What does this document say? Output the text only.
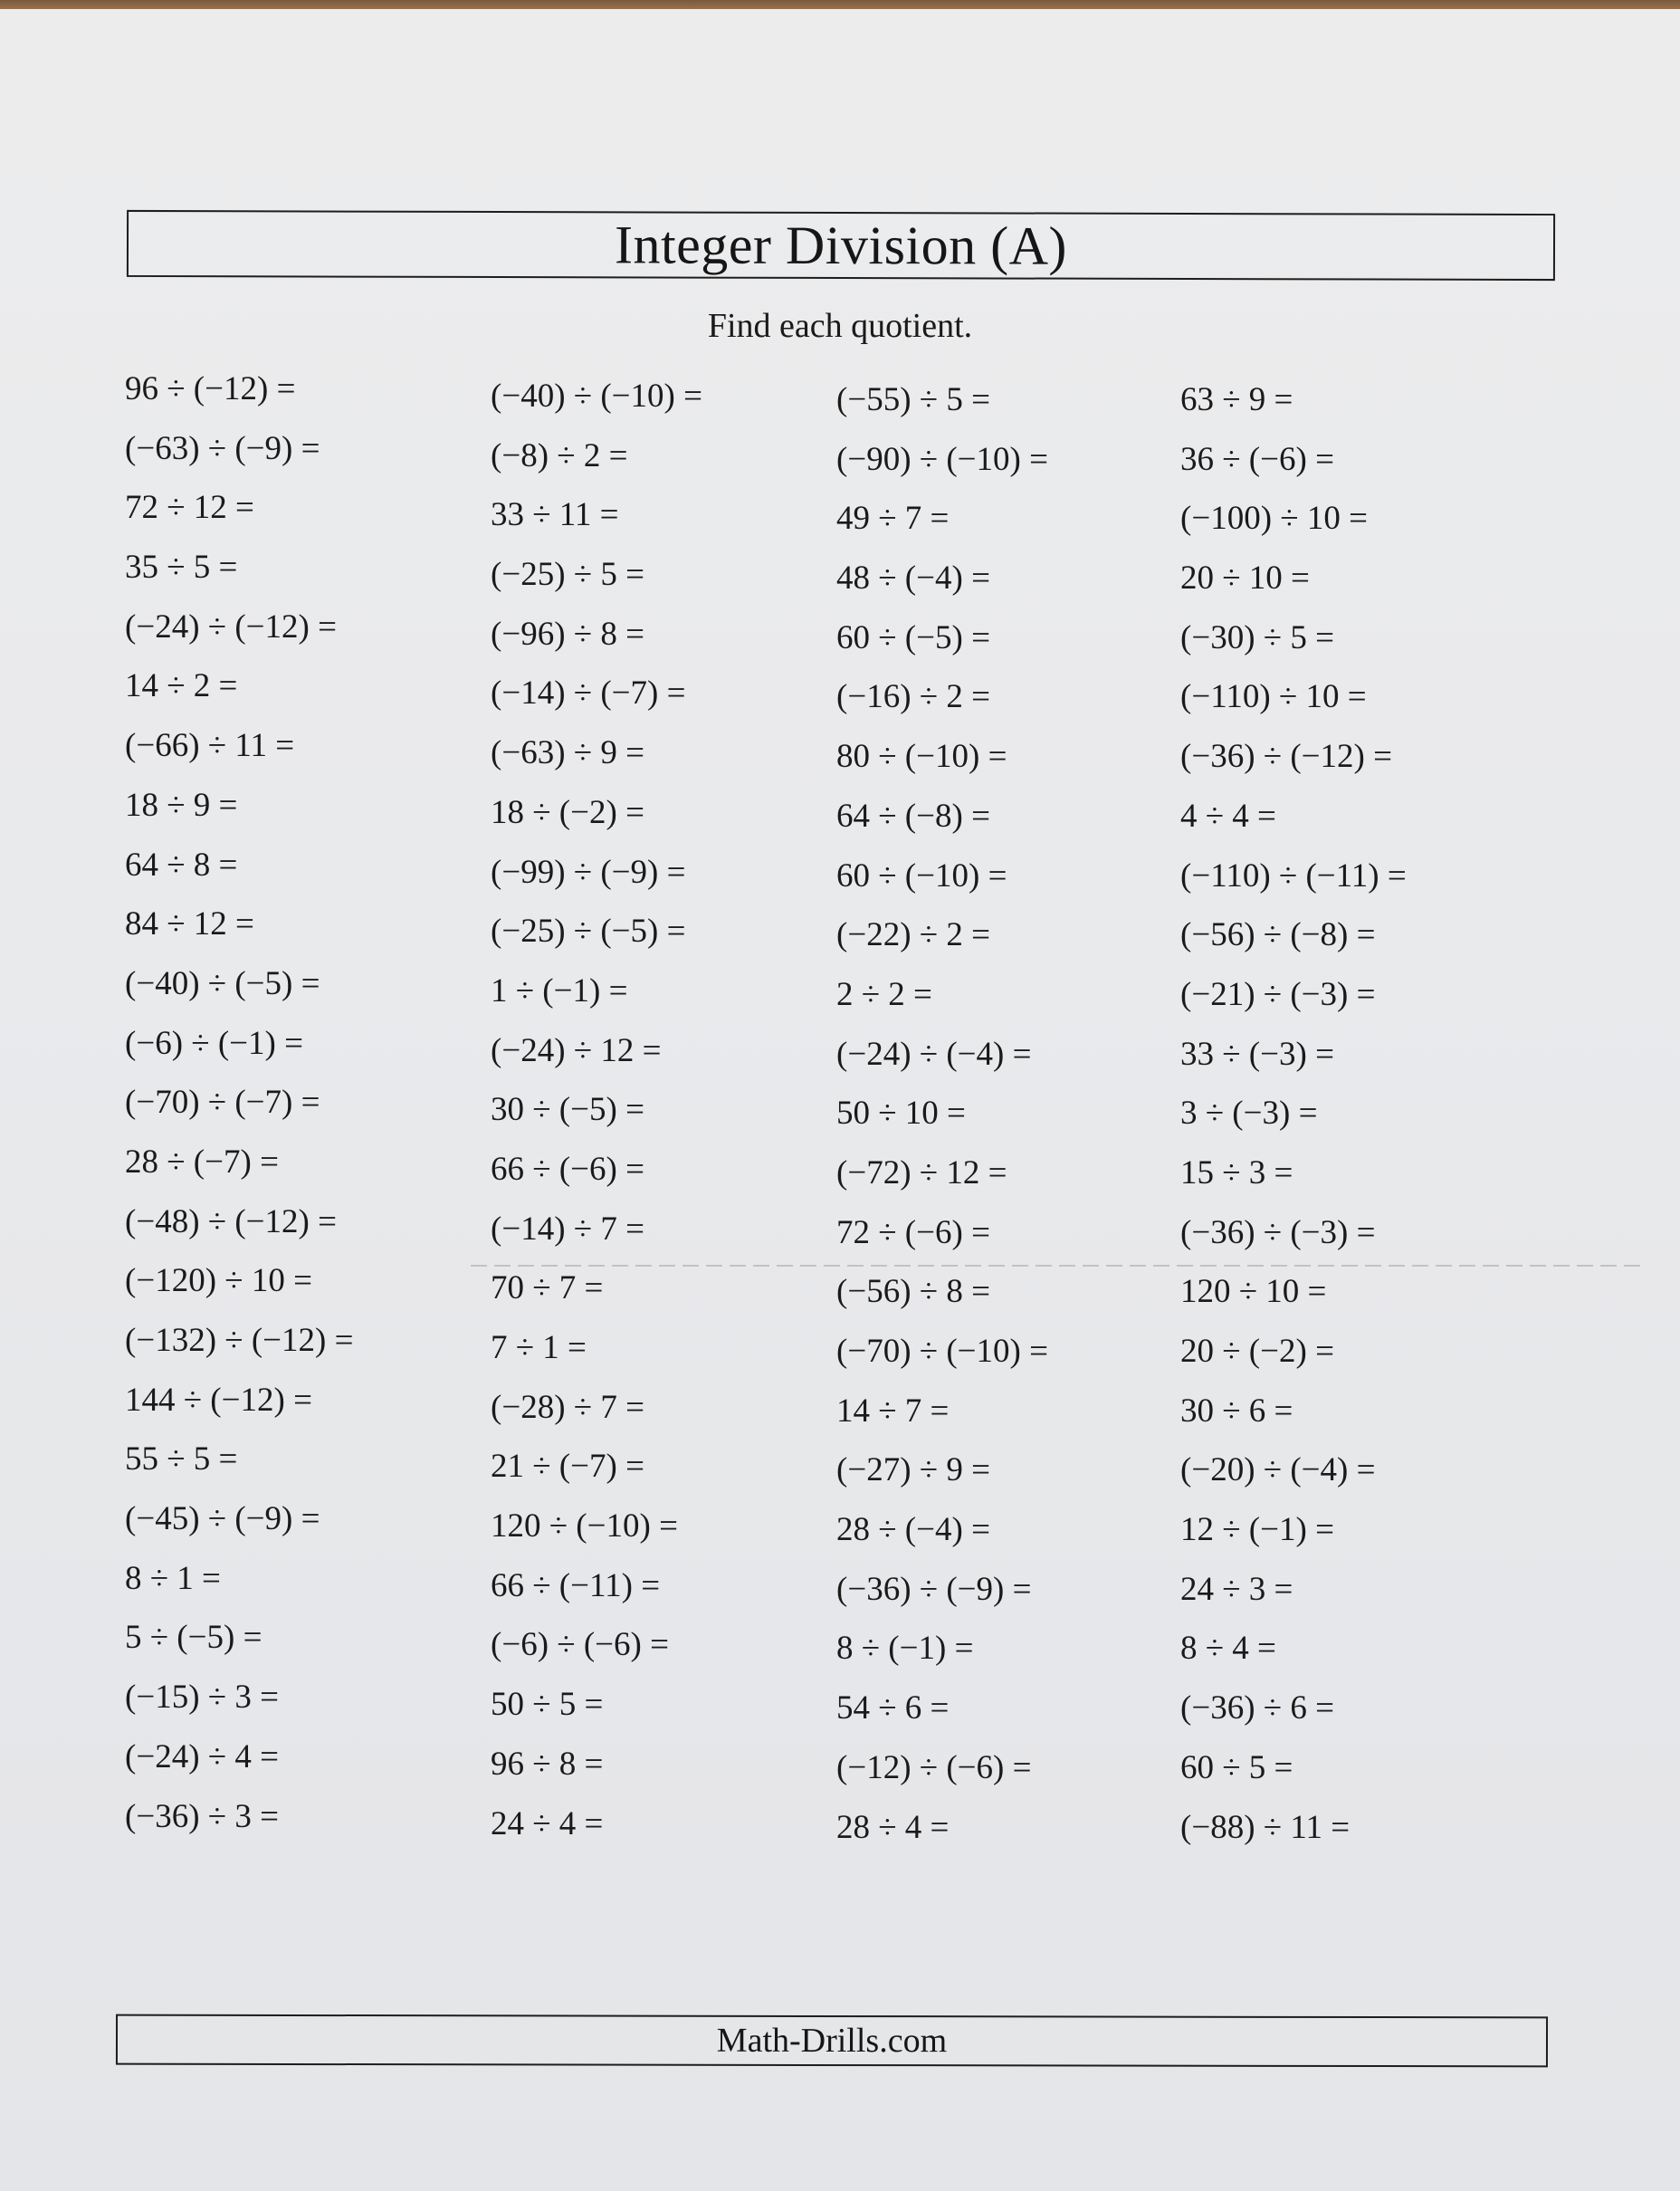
Integer Division (A)
Find each quotient.
96 ÷ (−12) =
(−63) ÷ (−9) =
72 ÷ 12 =
35 ÷ 5 =
(−24) ÷ (−12) =
14 ÷ 2 =
(−66) ÷ 11 =
18 ÷ 9 =
64 ÷ 8 =
84 ÷ 12 =
(−40) ÷ (−5) =
(−6) ÷ (−1) =
(−70) ÷ (−7) =
28 ÷ (−7) =
(−48) ÷ (−12) =
(−120) ÷ 10 =
(−132) ÷ (−12) =
144 ÷ (−12) =
55 ÷ 5 =
(−45) ÷ (−9) =
8 ÷ 1 =
5 ÷ (−5) =
(−15) ÷ 3 =
(−24) ÷ 4 =
(−36) ÷ 3 =
(−40) ÷ (−10) =
(−8) ÷ 2 =
33 ÷ 11 =
(−25) ÷ 5 =
(−96) ÷ 8 =
(−14) ÷ (−7) =
(−63) ÷ 9 =
18 ÷ (−2) =
(−99) ÷ (−9) =
(−25) ÷ (−5) =
1 ÷ (−1) =
(−24) ÷ 12 =
30 ÷ (−5) =
66 ÷ (−6) =
(−14) ÷ 7 =
70 ÷ 7 =
7 ÷ 1 =
(−28) ÷ 7 =
21 ÷ (−7) =
120 ÷ (−10) =
66 ÷ (−11) =
(−6) ÷ (−6) =
50 ÷ 5 =
96 ÷ 8 =
24 ÷ 4 =
(−55) ÷ 5 =
(−90) ÷ (−10) =
49 ÷ 7 =
48 ÷ (−4) =
60 ÷ (−5) =
(−16) ÷ 2 =
80 ÷ (−10) =
64 ÷ (−8) =
60 ÷ (−10) =
(−22) ÷ 2 =
2 ÷ 2 =
(−24) ÷ (−4) =
50 ÷ 10 =
(−72) ÷ 12 =
72 ÷ (−6) =
(−56) ÷ 8 =
(−70) ÷ (−10) =
14 ÷ 7 =
(−27) ÷ 9 =
28 ÷ (−4) =
(−36) ÷ (−9) =
8 ÷ (−1) =
54 ÷ 6 =
(−12) ÷ (−6) =
28 ÷ 4 =
63 ÷ 9 =
36 ÷ (−6) =
(−100) ÷ 10 =
20 ÷ 10 =
(−30) ÷ 5 =
(−110) ÷ 10 =
(−36) ÷ (−12) =
4 ÷ 4 =
(−110) ÷ (−11) =
(−56) ÷ (−8) =
(−21) ÷ (−3) =
33 ÷ (−3) =
3 ÷ (−3) =
15 ÷ 3 =
(−36) ÷ (−3) =
120 ÷ 10 =
20 ÷ (−2) =
30 ÷ 6 =
(−20) ÷ (−4) =
12 ÷ (−1) =
24 ÷ 3 =
8 ÷ 4 =
(−36) ÷ 6 =
60 ÷ 5 =
(−88) ÷ 11 =
Math-Drills.com
